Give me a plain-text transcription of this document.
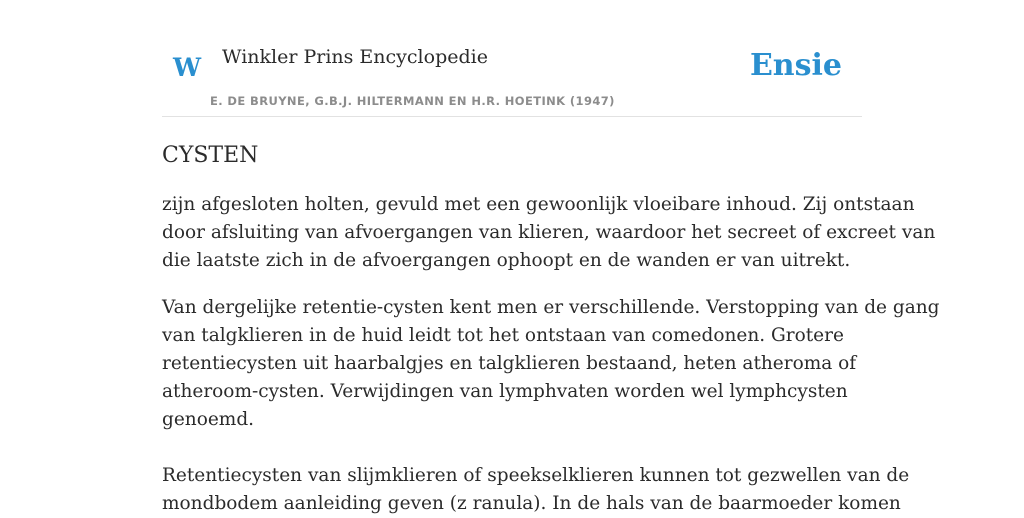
W Winkler Prins Encyclopedie
E. DE BRUYNE, G.B.J. HILTERMANN EN H.R. HOETINK (1947)
Ensie
CYSTEN

zijn afgesloten holten, gevuld met een gewoonlijk vloeibare inhoud. Zij ontstaan
door afsluiting van afvoergangen van klieren, waardoor het secreet of excreet van
die laatste zich in de afvoergangen ophoopt en de wanden er van uitrekt.

Van dergelijke retentie-cysten kent men er verschillende. Verstopping van de gang
van talgklieren in de huid leidt tot het ontstaan van comedonen. Grotere
retentiecysten uit haarbalgjes en talgklieren bestaand, heten atheroma of
atheroom-cysten. Verwijdingen van lymphvaten worden wel lymphcysten
genoemd.

Retentiecysten van slijmklieren of speekselklieren kunnen tot gezwellen van de
mondbodem aanleiding geven (z ranula). In de hals van de baarmoeder komen
